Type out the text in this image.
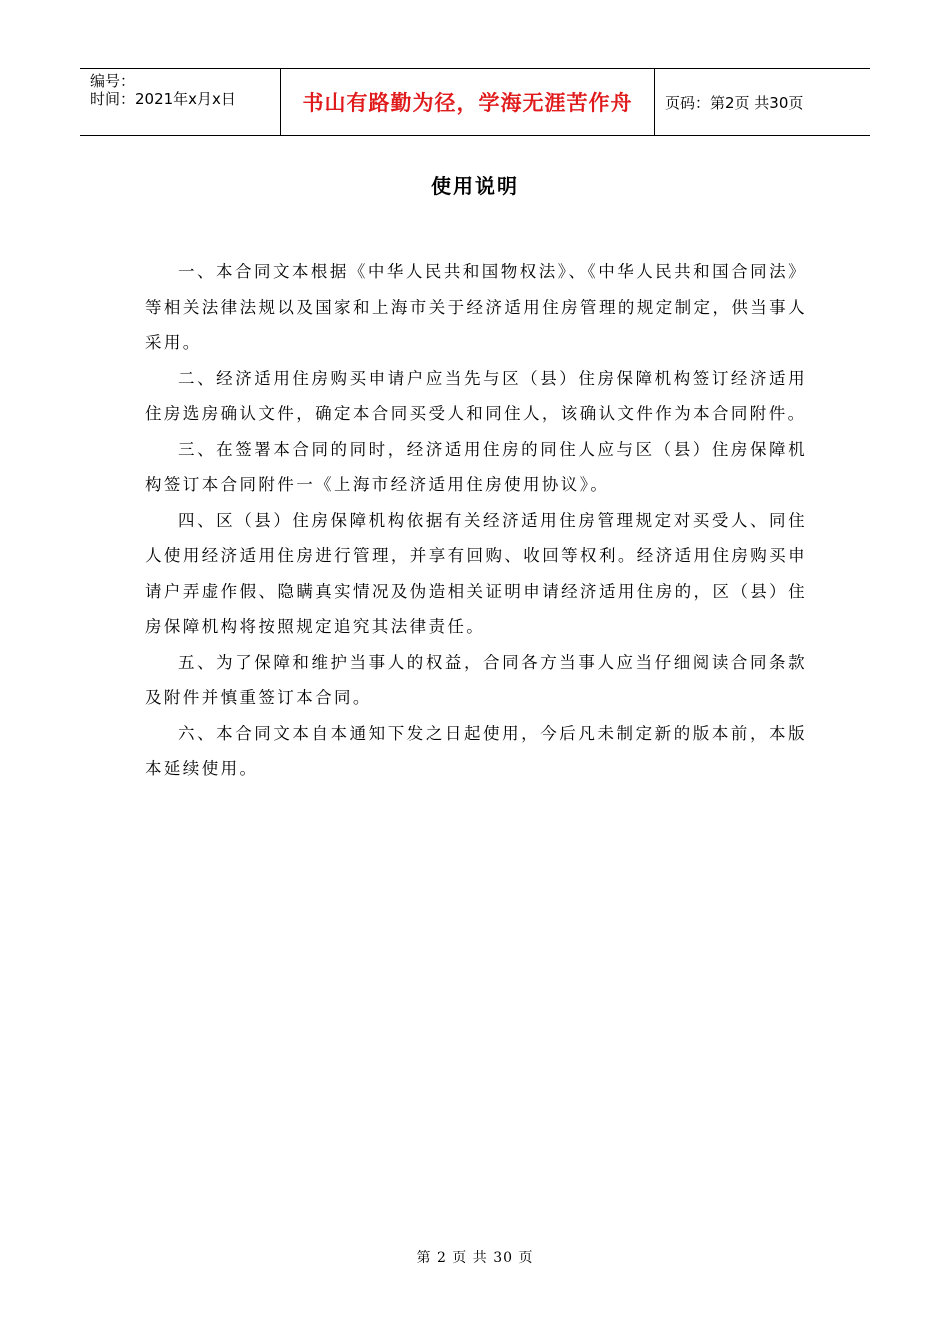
编号：
时间：2021年x月x日	书山有路勤为径，学海无涯苦作舟	页码：第2页 共30页
使用说明

一、本合同文本根据《中华人民共和国物权法》、《中华人民共和国合同法》等相关法律法规以及国家和上海市关于经济适用住房管理的规定制定，供当事人采用。

二、经济适用住房购买申请户应当先与区（县）住房保障机构签订经济适用住房选房确认文件，确定本合同买受人和同住人，该确认文件作为本合同附件。

三、在签署本合同的同时，经济适用住房的同住人应与区（县）住房保障机构签订本合同附件一《上海市经济适用住房使用协议》。

四、区（县）住房保障机构依据有关经济适用住房管理规定对买受人、同住人使用经济适用住房进行管理，并享有回购、收回等权利。经济适用住房购买申请户弄虚作假、隐瞒真实情况及伪造相关证明申请经济适用住房的，区（县）住房保障机构将按照规定追究其法律责任。

五、为了保障和维护当事人的权益，合同各方当事人应当仔细阅读合同条款及附件并慎重签订本合同。

六、本合同文本自本通知下发之日起使用，今后凡未制定新的版本前，本版本延续使用。

第 2 页 共 30 页
